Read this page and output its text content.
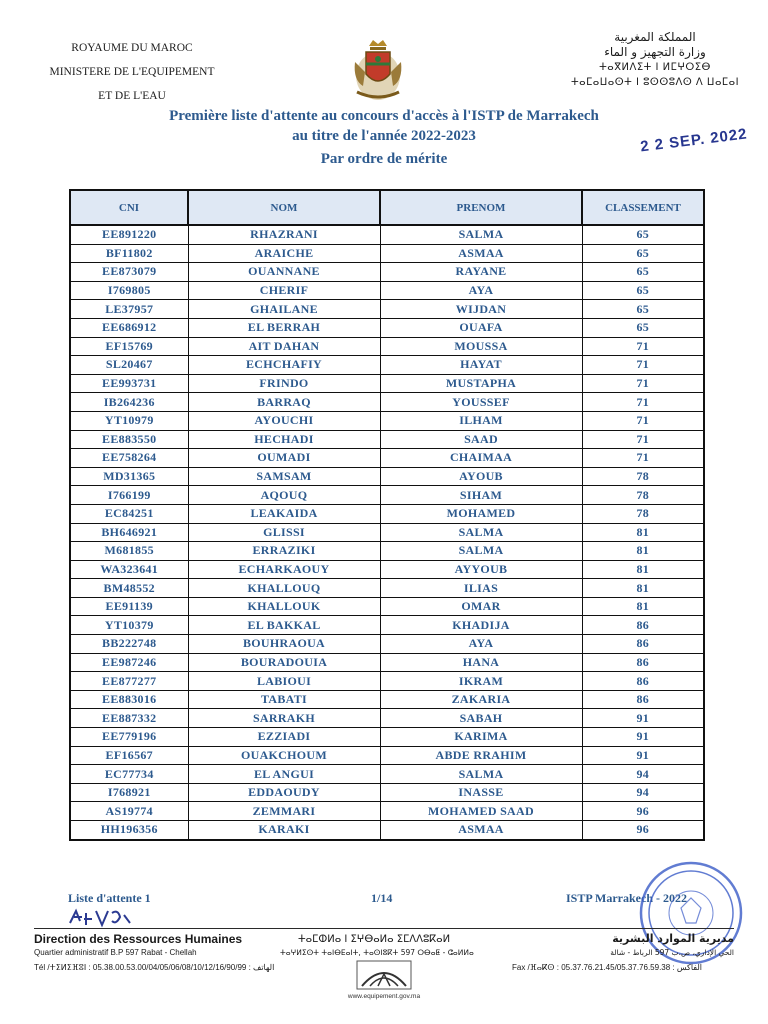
ROYAUME DU MAROC
MINISTERE DE L'EQUIPEMENT
ET DE L'EAU
المملكة المغربية
وزارة التجهيز و الماء
ⵜⴰⴳⵍⴷⵉⵜ ⵏ ⵍⵎⵖⵔⵉⴱ
ⵜⴰⵎⴰⵡⴰⵙⵜ ⵏ ⵓⵙⵙⵓⴷⵙ ⴷ ⵡⴰⵎⴰⵏ
Première liste d'attente au concours d'accès à l'ISTP de Marrakech
au titre de l'année 2022-2023
Par ordre de mérite
2 2 SEP. 2022
CNI	NOM	PRENOM	CLASSEMENT
EE891220	RHAZRANI	SALMA	65
BF11802	ARAICHE	ASMAA	65
EE873079	OUANNANE	RAYANE	65
I769805	CHERIF	AYA	65
LE37957	GHAILANE	WIJDAN	65
EE686912	EL BERRAH	OUAFA	65
EF15769	AIT DAHAN	MOUSSA	71
SL20467	ECHCHAFIY	HAYAT	71
EE993731	FRINDO	MUSTAPHA	71
IB264236	BARRAQ	YOUSSEF	71
YT10979	AYOUCHI	ILHAM	71
EE883550	HECHADI	SAAD	71
EE758264	OUMADI	CHAIMAA	71
MD31365	SAMSAM	AYOUB	78
I766199	AQOUQ	SIHAM	78
EC84251	LEAKAIDA	MOHAMED	78
BH646921	GLISSI	SALMA	81
M681855	ERRAZIKI	SALMA	81
WA323641	ECHARKAOUY	AYYOUB	81
BM48552	KHALLOUQ	ILIAS	81
EE91139	KHALLOUK	OMAR	81
YT10379	EL BAKKAL	KHADIJA	86
BB222748	BOUHRAOUA	AYA	86
EE987246	BOURADOUIA	HANA	86
EE877277	LABIOUI	IKRAM	86
EE883016	TABATI	ZAKARIA	86
EE887332	SARRAKH	SABAH	91
EE779196	EZZIADI	KARIMA	91
EF16567	OUAKCHOUM	ABDE RRAHIM	91
EC77734	EL ANGUI	SALMA	94
I768921	EDDAOUDY	INASSE	94
AS19774	ZEMMARI	MOHAMED SAAD	96
HH196356	KARAKI	ASMAA	96
Liste d'attente 1	1/14	ISTP Marrakech - 2022
Direction des Ressources Humaines
Quartier administratif B.P 597 Rabat - Chellah
Tél /ⵜⵉⵍⵉⴼⵓⵏ : 05.38.00.53.00/04/05/06/08/10/12/16/90/99 : الهاتف
ⵜⴰⵎⵀⵍⴰ ⵏ ⵉⵖⴱⴰⵍⴰ ⵉⵎⴷⴷⵓⴽⴰⵍ
ⵜⴰⵖⵍⵉⵙⵜ ⵜⴰⵏⴱⴹⴰⵏⵜ, ⵜⴰⵙⵏⵓⴽⵜ 597 ⵔⴱⴰⵟ - ⵛⴰⵍⵍⴰ
مديرية الموارد البشرية
الحي الإداري، ص.ب 597 الرباط - شالة
Fax /ⴼⴰⴽⵙ : 05.37.76.21.45/05.37.76.59.38 : الفاكس
www.equipement.gov.ma
